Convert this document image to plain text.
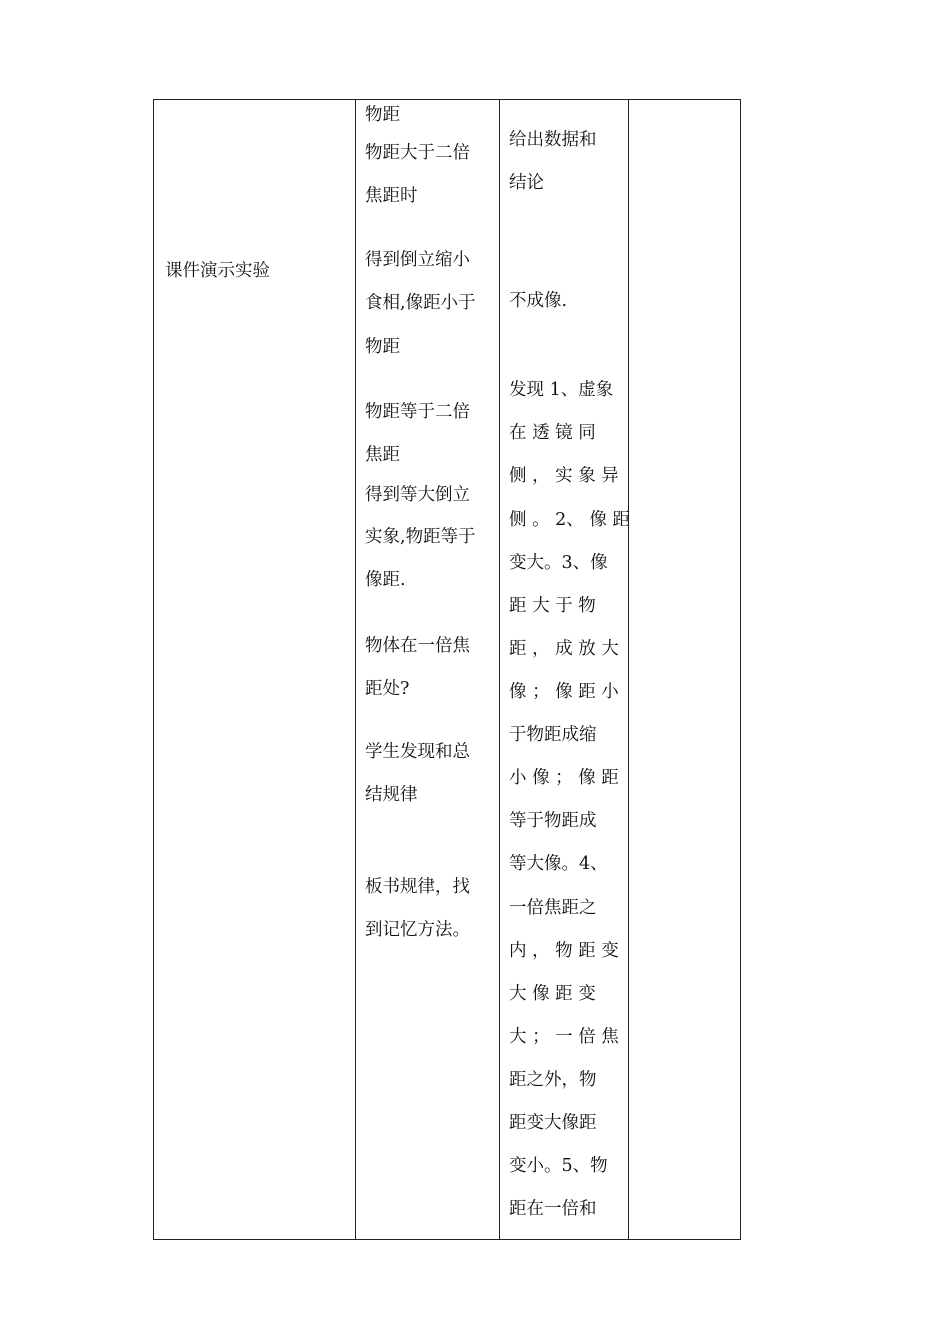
课件演示实验
物距
物距大于二倍
焦距时
得到倒立缩小
食相,像距小于
物距
物距等于二倍
焦距
得到等大倒立
实象,物距等于
像距.
物体在一倍焦
距处?
学生发现和总
结规律
板书规律，找
到记忆方法。
给出数据和
结论
不成像.
发现 1、虚象
在 透 镜 同
侧 ， 实 象 异
侧 。 2、 像 距
变大。3、像
距 大 于 物
距 ， 成 放 大
像 ； 像 距 小
于物距成缩
小 像 ； 像 距
等于物距成
等大像。4、
一倍焦距之
内 ， 物 距 变
大 像 距 变
大 ； 一 倍 焦
距之外，物
距变大像距
变小。5、物
距在一倍和
